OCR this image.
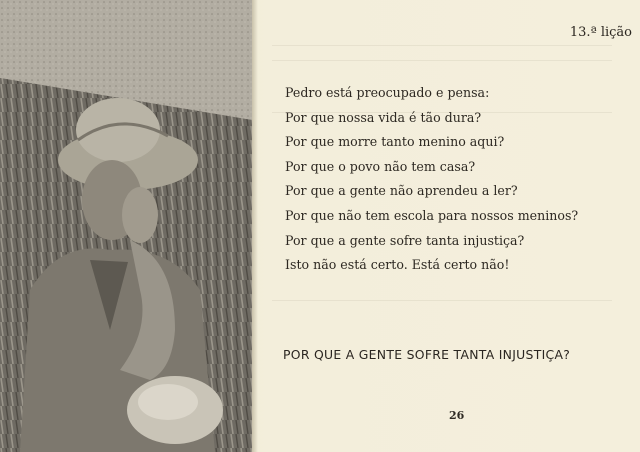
13.ª lição
Pedro está preocupado e pensa:
Por que nossa vida é tão dura?
Por que morre tanto menino aqui?
Por que o povo não tem casa?
Por que a gente não aprendeu a ler?
Por que não tem escola para nossos meninos?
Por que a gente sofre tanta injustiça?
Isto não está certo. Está certo não!
POR QUE A GENTE SOFRE TANTA INJUSTIÇA?
26
